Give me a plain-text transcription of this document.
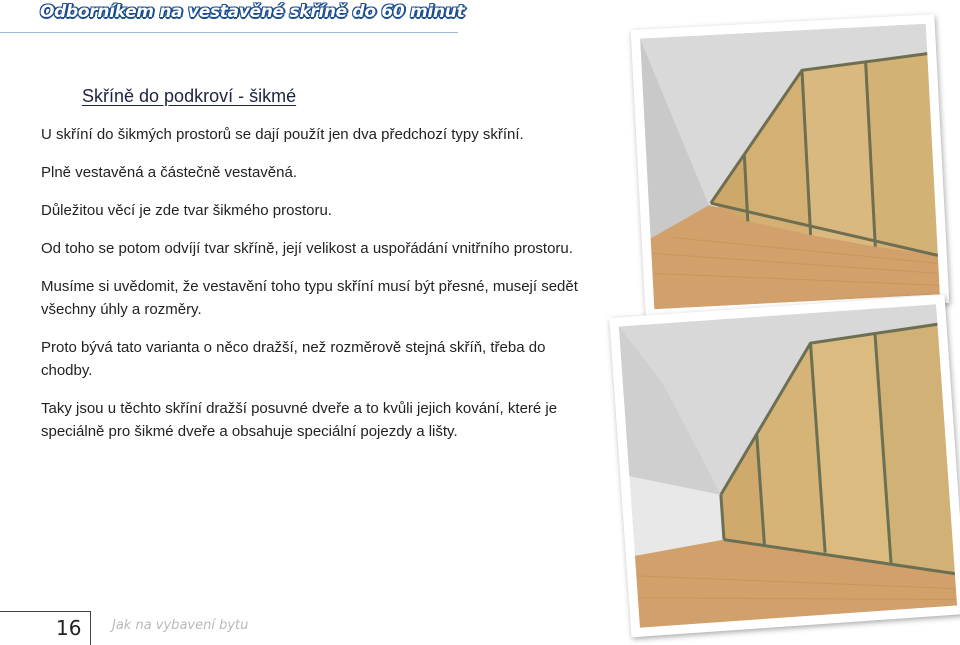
Odborníkem na vestavěné skříně do 60 minut
Skříně do podkroví - šikmé

U skříní do šikmých prostorů se dají použít jen dva předchozí typy skříní.

Plně vestavěná a částečně vestavěná.

Důležitou věcí je zde tvar šikmého prostoru.

Od toho se potom odvíjí tvar skříně, její velikost a uspořádání vnitřního prostoru.

Musíme si uvědomit, že vestavění toho typu skříní musí být přesné, musejí sedět všechny úhly a rozměry.

Proto bývá tato varianta o něco dražší, než rozměrově stejná skříň, třeba do chodby.

Taky jsou u těchto skříní dražší posuvné dveře a to kvůli jejich kování, které je speciálně pro šikmé dveře a obsahuje speciální pojezdy a lišty.

16 Jak na vybavení bytu
